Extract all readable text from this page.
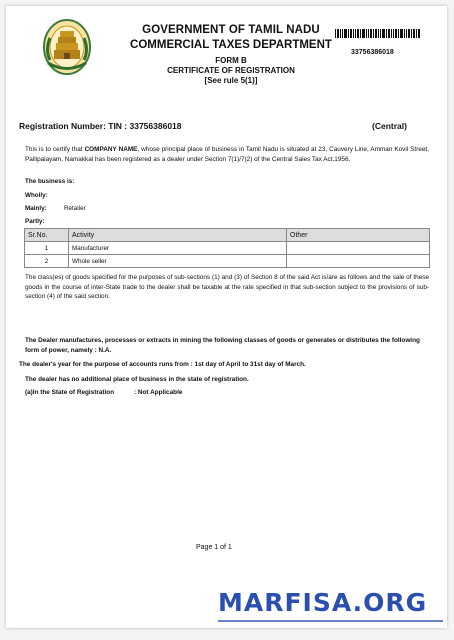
GOVERNMENT OF TAMIL NADU
COMMERCIAL TAXES DEPARTMENT
FORM B
CERTIFICATE OF REGISTRATION
[See rule 5(1)]
33756386018
Registration Number: TIN : 33756386018	(Central)
This is to certify that COMPANY NAME, whose principal place of business in Tamil Nadu is situated at 23, Cauvery Line, Amman Kovil Street, Pallipalayam, Namakkal has been registered as a dealer under Section 7(1)/7(2) of the Central Sales Tax Act,1956.
The business is:
Wholly:
Mainly:	Retailer
Partly:
Sr.No.	Activity	Other
1	Manufacturer	
2	Whole seller	
The class(es) of goods specified for the purposes of sub-sections (1) and (3) of Section 8 of the said Act is/are as follows and the sale of these goods in the course of inter-State trade to the dealer shall be taxable at the rate specified in that sub-section subject to the provisions of sub-section (4) of the said section.
The Dealer manufactures, processes or extracts in mining the following classes of goods or generates or distributes the following form of power, namely : N.A.
The dealer's year for the purpose of accounts runs from : 1st day of April to 31st day of March.
The dealer has no additional place of business in the state of registration.
(a)In the State of Registration	: Not Applicable
Page 1 of 1
MARFISA.ORG
